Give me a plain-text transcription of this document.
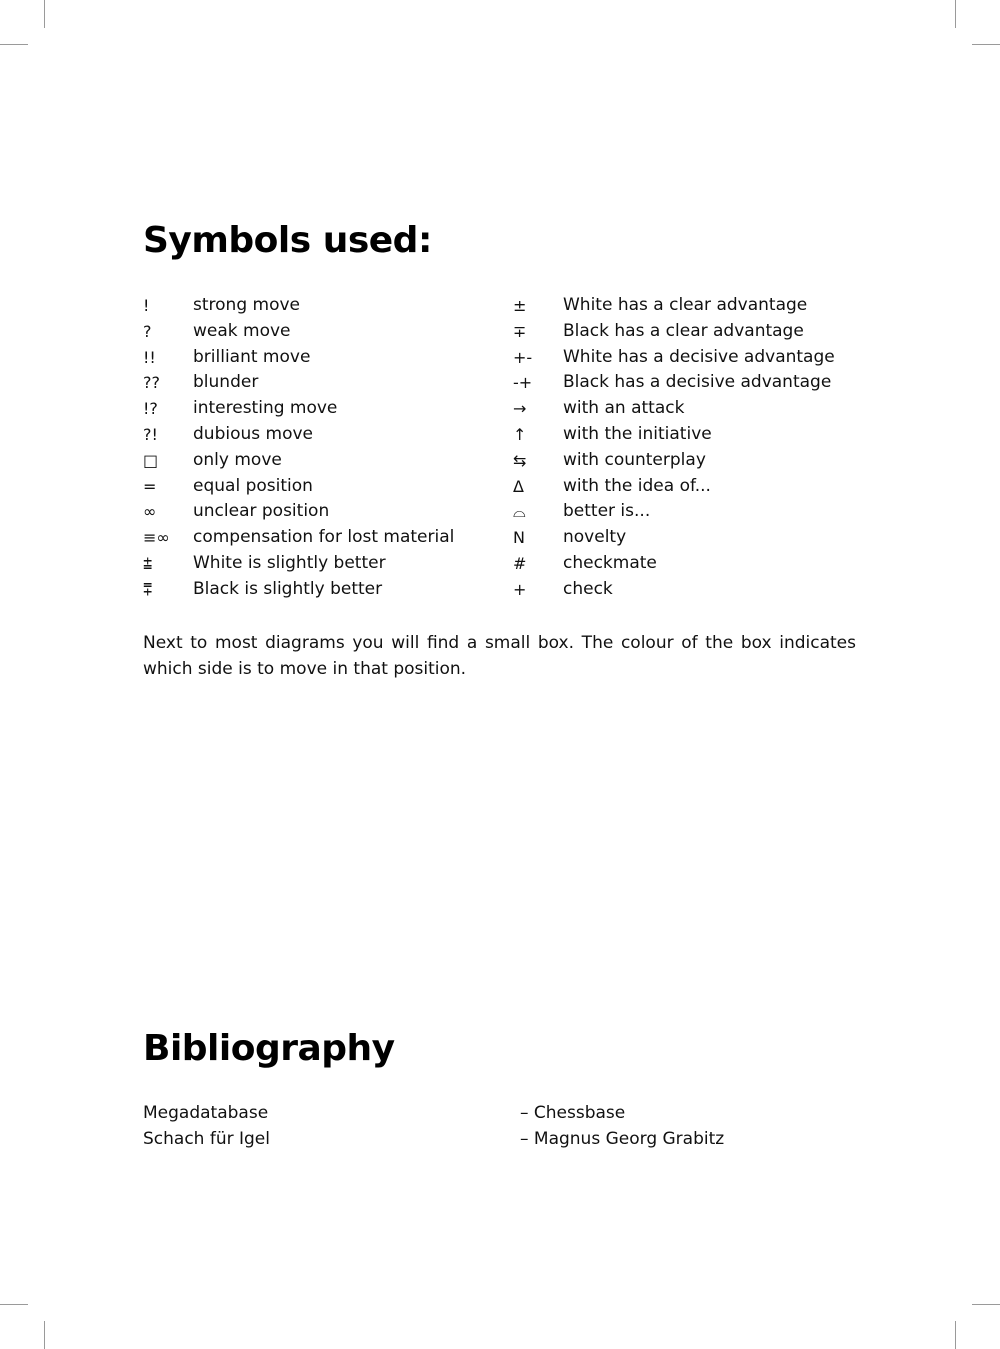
Symbols used:
!	strong move
?	weak move
!!	brilliant move
??	blunder
!?	interesting move
?!	dubious move
□	only move
=	equal position
∞	unclear position
≡∞	compensation for lost material
⩲	White is slightly better
⩱	Black is slightly better
±	White has a clear advantage
∓	Black has a clear advantage
+-	White has a decisive advantage
-+	Black has a decisive advantage
→	with an attack
↑	with the initiative
⇆	with counterplay
Δ	with the idea of...
⌓	better is...
N	novelty
#	checkmate
+	check

Next to most diagrams you will find a small box. The colour of the box indicates which side is to move in that position.

Bibliography
Megadatabase	– Chessbase
Schach für Igel	– Magnus Georg Grabitz
